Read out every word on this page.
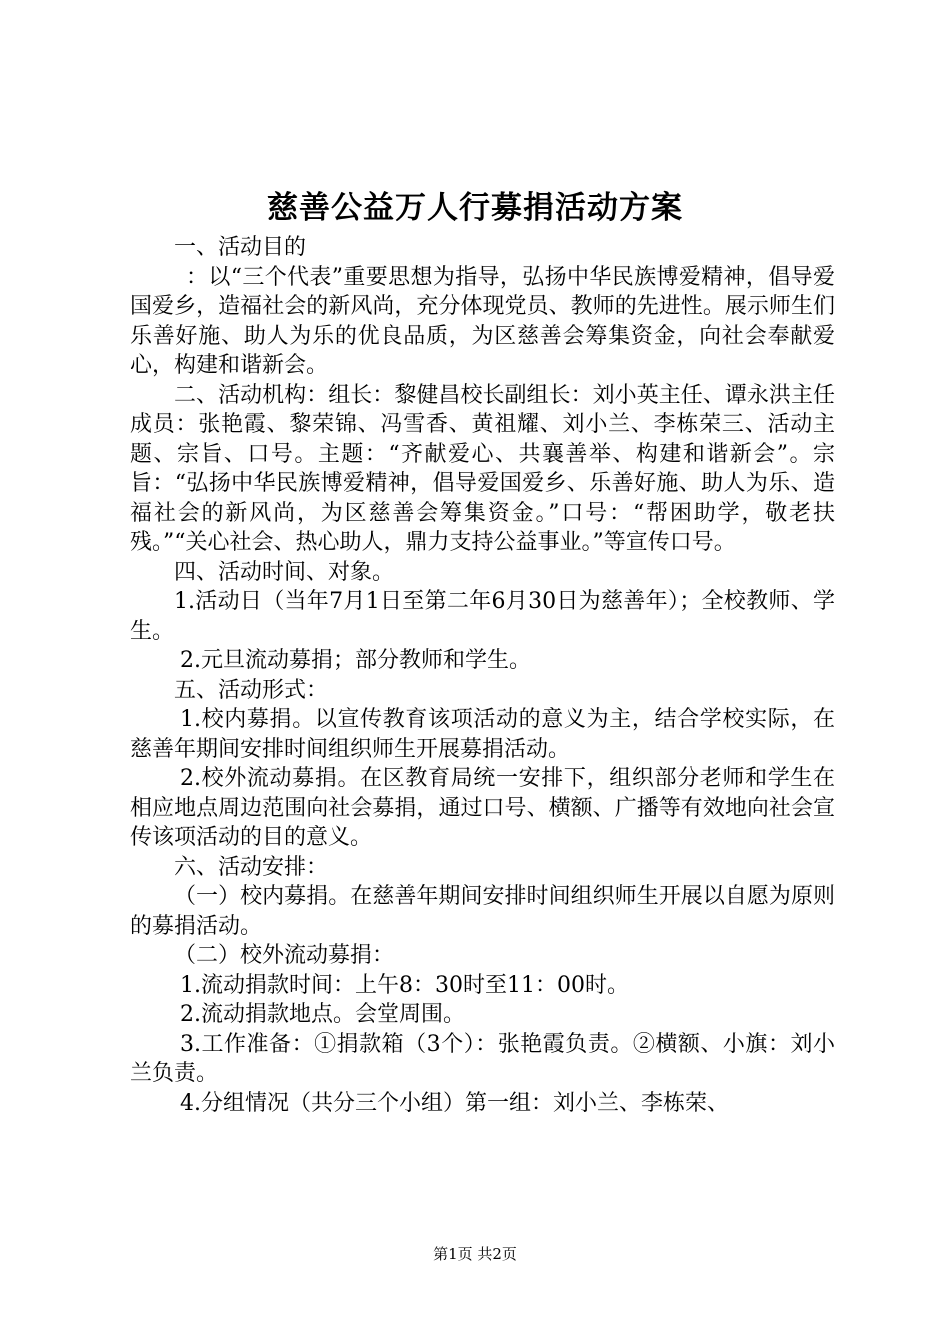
慈善公益万人行募捐活动方案

一、活动目的

：以“三个代表”重要思想为指导，弘扬中华民族博爱精神，倡导爱国爱乡，造福社会的新风尚，充分体现党员、教师的先进性。展示师生们乐善好施、助人为乐的优良品质，为区慈善会筹集资金，向社会奉献爱心，构建和谐新会。

二、活动机构：组长：黎健昌校长副组长：刘小英主任、谭永洪主任成员：张艳霞、黎荣锦、冯雪香、黄祖耀、刘小兰、李栋荣三、活动主题、宗旨、口号。主题：“齐献爱心、共襄善举、构建和谐新会”。宗旨：“弘扬中华民族博爱精神，倡导爱国爱乡、乐善好施、助人为乐、造福社会的新风尚，为区慈善会筹集资金。”口号：“帮困助学，敬老扶残。”“关心社会、热心助人，鼎力支持公益事业。”等宣传口号。

四、活动时间、对象。

1.活动日（当年7月1日至第二年6月30日为慈善年）；全校教师、学生。

2.元旦流动募捐；部分教师和学生。

五、活动形式：

1.校内募捐。以宣传教育该项活动的意义为主，结合学校实际，在慈善年期间安排时间组织师生开展募捐活动。

2.校外流动募捐。在区教育局统一安排下，组织部分老师和学生在相应地点周边范围向社会募捐，通过口号、横额、广播等有效地向社会宣传该项活动的目的意义。

六、活动安排：

（一）校内募捐。在慈善年期间安排时间组织师生开展以自愿为原则的募捐活动。

（二）校外流动募捐：

1.流动捐款时间：上午8：30时至11：00时。

2.流动捐款地点。会堂周围。

3.工作准备：①捐款箱（3个）：张艳霞负责。②横额、小旗：刘小兰负责。

4.分组情况（共分三个小组）第一组：刘小兰、李栋荣、

第1页 共2页
